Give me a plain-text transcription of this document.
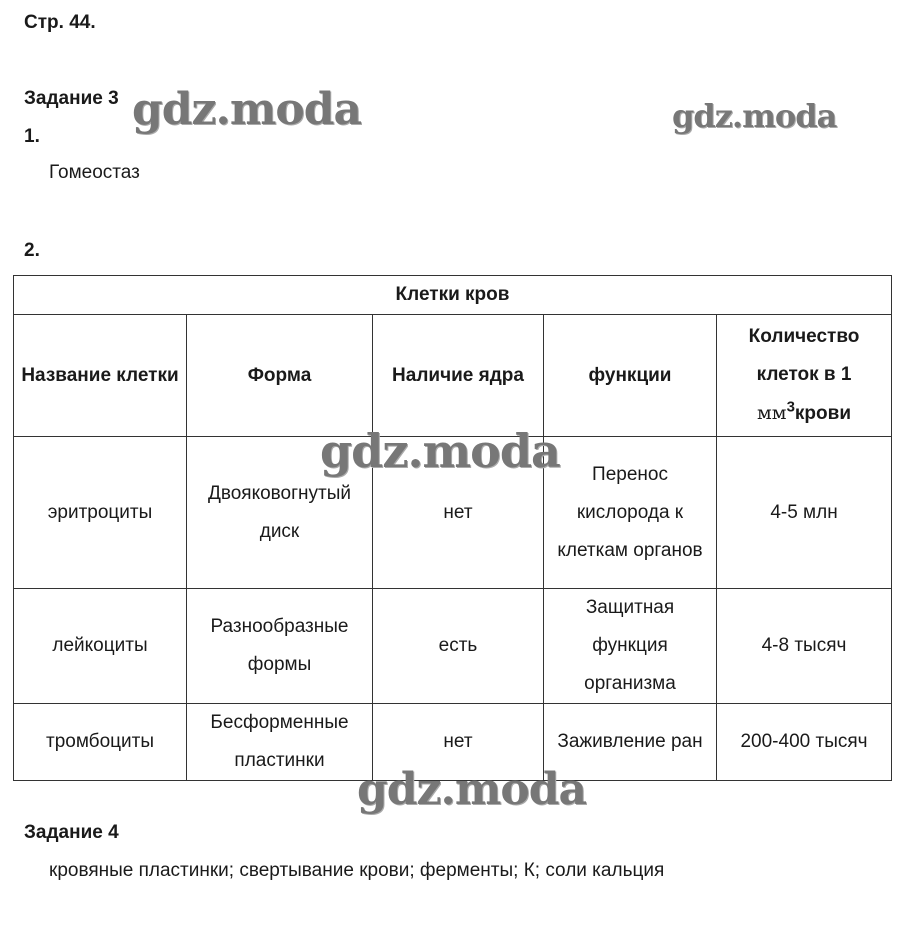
Стр. 44.
Задание 3
1.
Гомеостаз
2.
Клетки кров				
Название клетки	Форма	Наличие ядра	функции	Количество клеток в 1
$мм^3крови$
эритроциты	Двояковогнутый диск	нет	Перенос кислорода к клеткам органов	4-5 млн
лейкоциты	Разнообразные формы	есть	Защитная функция организма	4-8 тысяч
тромбоциты	Бесформенные пластинки	нет	Заживление ран	200-400 тысяч
Задание 4
кровяные пластинки; свертывание крови; ферменты; К; соли кальция
gdz.moda	gdz.moda
gdz.moda
gdz.moda
